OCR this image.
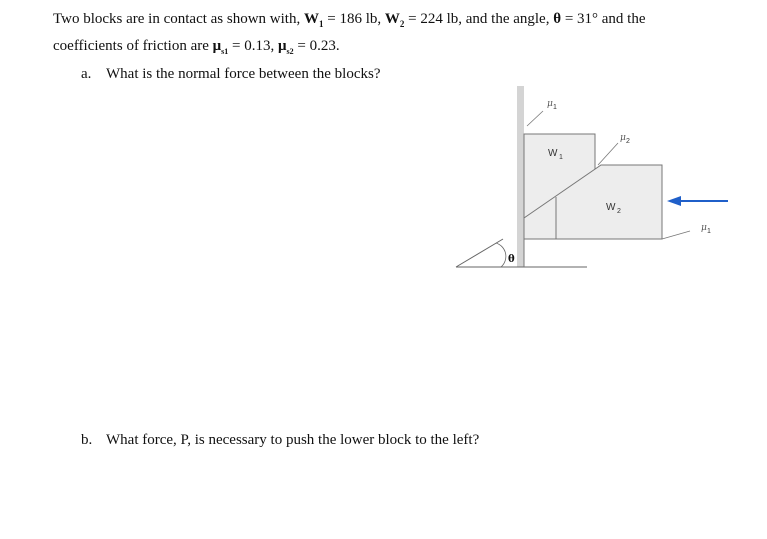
Two blocks are in contact as shown with, $W_1 = 186$ lb, $W_2 = 224$ lb, and the angle, θ = 31° and the
coefficients of friction are $\mu_{s1} = 0.13$, $\mu_{s2} = 0.23$.
a. What is the normal force between the blocks?
b. What force, P, is necessary to push the lower block to the left?
θ
W 1
W 2
μ 1
μ 2
μ 1
